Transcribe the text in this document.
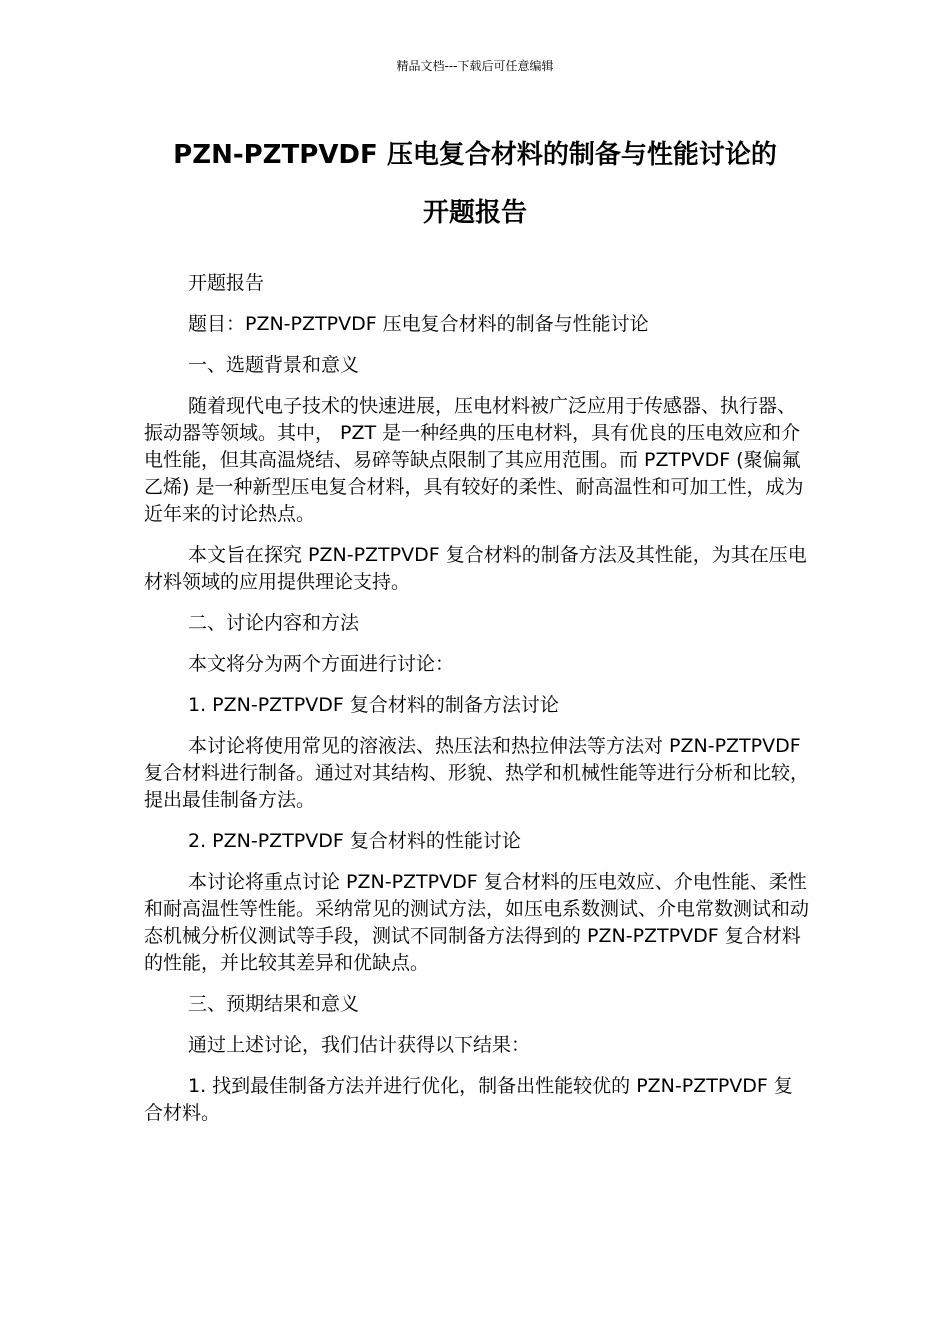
精品文档---下载后可任意编辑
PZN-PZTPVDF 压电复合材料的制备与性能讨论的
开题报告

开题报告

题目：PZN-PZTPVDF 压电复合材料的制备与性能讨论

一、选题背景和意义

随着现代电子技术的快速进展，压电材料被广泛应用于传感器、执行器、振动器等领域。其中， PZT 是一种经典的压电材料，具有优良的压电效应和介电性能，但其高温烧结、易碎等缺点限制了其应用范围。而 PZTPVDF (聚偏氟乙烯) 是一种新型压电复合材料，具有较好的柔性、耐高温性和可加工性，成为近年来的讨论热点。

本文旨在探究 PZN-PZTPVDF 复合材料的制备方法及其性能，为其在压电材料领域的应用提供理论支持。

二、讨论内容和方法

本文将分为两个方面进行讨论：

1. PZN-PZTPVDF 复合材料的制备方法讨论

本讨论将使用常见的溶液法、热压法和热拉伸法等方法对 PZN-PZTPVDF 复合材料进行制备。通过对其结构、形貌、热学和机械性能等进行分析和比较，提出最佳制备方法。

2. PZN-PZTPVDF 复合材料的性能讨论

本讨论将重点讨论 PZN-PZTPVDF 复合材料的压电效应、介电性能、柔性和耐高温性等性能。采纳常见的测试方法，如压电系数测试、介电常数测试和动态机械分析仪测试等手段，测试不同制备方法得到的 PZN-PZTPVDF 复合材料的性能，并比较其差异和优缺点。

三、预期结果和意义

通过上述讨论，我们估计获得以下结果：

1. 找到最佳制备方法并进行优化，制备出性能较优的 PZN-PZTPVDF 复合材料。
